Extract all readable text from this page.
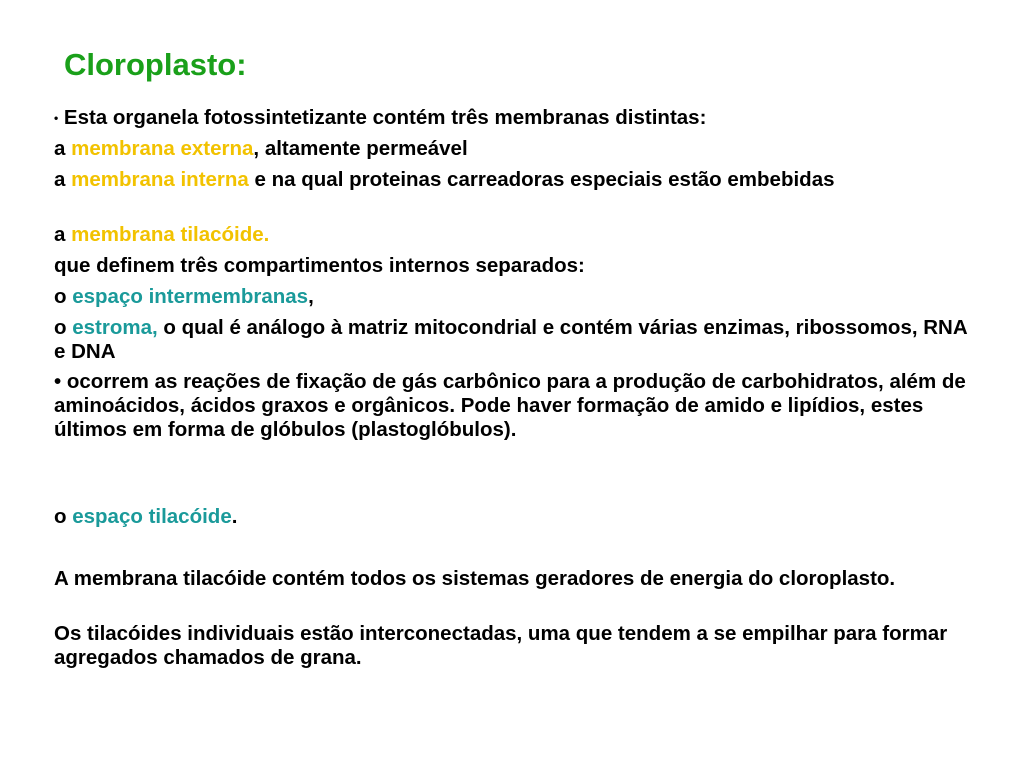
Cloroplasto:
• Esta organela fotossintetizante contém três membranas distintas:
a membrana externa, altamente permeável
a membrana interna e na qual proteinas carreadoras especiais estão embebidas
a membrana tilacóide.
que definem três compartimentos internos separados:
o espaço intermembranas,
o estroma, o qual é análogo à matriz mitocondrial e contém várias enzimas, ribossomos, RNA e DNA
• ocorrem as reações de fixação de gás carbônico para a produção de carbohidratos, além de aminoácidos, ácidos graxos e orgânicos. Pode haver formação de amido e lipídios, estes últimos em forma de glóbulos (plastoglóbulos).
o espaço tilacóide.
A membrana tilacóide contém todos os sistemas geradores de energia do cloroplasto.
Os tilacóides individuais estão interconectadas, uma que tendem a se empilhar para formar agregados chamados de grana.
